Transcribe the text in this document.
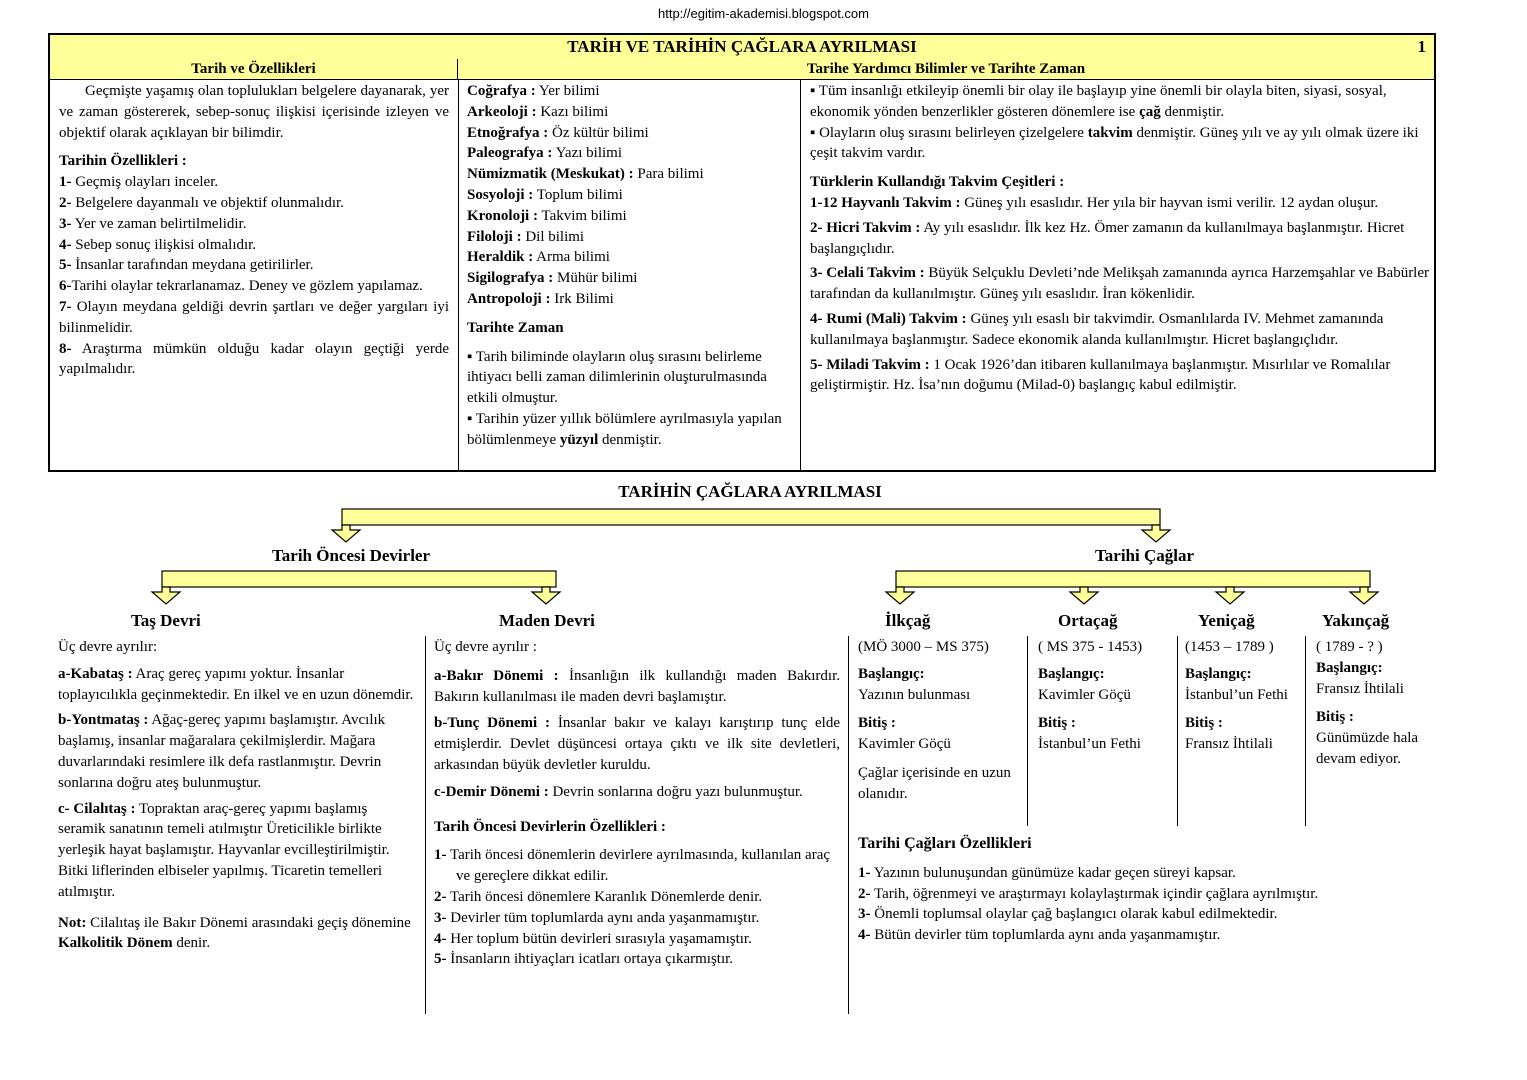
http://egitim-akademisi.blogspot.com
TARİH VE TARİHİN ÇAĞLARA AYRILMASI	1
Tarih ve Özellikleri	Tarihe Yardımcı Bilimler ve Tarihte Zaman

Geçmişte yaşamış olan toplulukları belgelere dayanarak, yer ve zaman göstererek, sebep-sonuç ilişkisi içerisinde izleyen ve objektif olarak açıklayan bir bilimdir.

Tarihin Özellikleri :

1- Geçmiş olayları inceler.

2- Belgelere dayanmalı ve objektif olunmalıdır.

3- Yer ve zaman belirtilmelidir.

4- Sebep sonuç ilişkisi olmalıdır.

5- İnsanlar tarafından meydana getirilirler.

6-Tarihi olaylar tekrarlanamaz. Deney ve gözlem yapılamaz.

7- Olayın meydana geldiği devrin şartları ve değer yargıları iyi bilinmelidir.

8- Araştırma mümkün olduğu kadar olayın geçtiği yerde yapılmalıdır.

Coğrafya : Yer bilimi

Arkeoloji : Kazı bilimi

Etnoğrafya : Öz kültür bilimi

Paleografya : Yazı bilimi

Nümizmatik (Meskukat) : Para bilimi

Sosyoloji : Toplum bilimi

Kronoloji : Takvim bilimi

Filoloji : Dil bilimi

Heraldik : Arma bilimi

Sigilografya : Mühür bilimi

Antropoloji : Irk Bilimi

Tarihte Zaman

▪ Tarih biliminde olayların oluş sırasını belirleme ihtiyacı belli zaman dilimlerinin oluşturulmasında etkili olmuştur.

▪ Tarihin yüzer yıllık bölümlere ayrılmasıyla yapılan bölümlenmeye yüzyıl denmiştir.

▪ Tüm insanlığı etkileyip önemli bir olay ile başlayıp yine önemli bir olayla biten, siyasi, sosyal, ekonomik yönden benzerlikler gösteren dönemlere ise çağ denmiştir.

▪ Olayların oluş sırasını belirleyen çizelgelere takvim denmiştir. Güneş yılı ve ay yılı olmak üzere iki çeşit takvim vardır.

Türklerin Kullandığı Takvim Çeşitleri :

1-12 Hayvanlı Takvim : Güneş yılı esaslıdır. Her yıla bir hayvan ismi verilir. 12 aydan oluşur.

2- Hicri Takvim : Ay yılı esaslıdır. İlk kez Hz. Ömer zamanın da kullanılmaya başlanmıştır. Hicret başlangıçlıdır.

3- Celali Takvim : Büyük Selçuklu Devleti’nde Melikşah zamanında ayrıca Harzemşahlar ve Babürler tarafından da kullanılmıştır. Güneş yılı esaslıdır. İran kökenlidir.

4- Rumi (Mali) Takvim : Güneş yılı esaslı bir takvimdir. Osmanlılarda IV. Mehmet zamanında kullanılmaya başlanmıştır. Sadece ekonomik alanda kullanılmıştır. Hicret başlangıçlıdır.

5- Miladi Takvim : 1 Ocak 1926’dan itibaren kullanılmaya başlanmıştır. Mısırlılar ve Romalılar geliştirmiştir. Hz. İsa’nın doğumu (Milad-0) başlangıç kabul edilmiştir.

TARİHİN ÇAĞLARA AYRILMASI
Tarih Öncesi Devirler	Tarihi Çağlar
Taş Devri	Maden Devri

Üç devre ayrılır:

a-Kabataş : Araç gereç yapımı yoktur. İnsanlar toplayıcılıkla geçinmektedir. En ilkel ve en uzun dönemdir.

b-Yontmataş : Ağaç-gereç yapımı başlamıştır. Avcılık başlamış, insanlar mağaralara çekilmişlerdir. Mağara duvarlarındaki resimlere ilk defa rastlanmıştır. Devrin sonlarına doğru ateş bulunmuştur.

c- Cilalıtaş : Topraktan araç-gereç yapımı başlamış seramik sanatının temeli atılmıştır Üreticilikle birlikte yerleşik hayat başlamıştır. Hayvanlar evcilleştirilmiştir. Bitki liflerinden elbiseler yapılmış. Ticaretin temelleri atılmıştır.

Not: Cilalıtaş ile Bakır Dönemi arasındaki geçiş dönemine Kalkolitik Dönem denir.

Üç devre ayrılır :

a-Bakır Dönemi : İnsanlığın ilk kullandığı maden Bakırdır. Bakırın kullanılması ile maden devri başlamıştır.

b-Tunç Dönemi : İnsanlar bakır ve kalayı karıştırıp tunç elde etmişlerdir. Devlet düşüncesi ortaya çıktı ve ilk site devletleri, arkasından büyük devletler kuruldu.

c-Demir Dönemi : Devrin sonlarına doğru yazı bulunmuştur.

Tarih Öncesi Devirlerin Özellikleri :

1- Tarih öncesi dönemlerin devirlere ayrılmasında, kullanılan araç ve gereçlere dikkat edilir.

2- Tarih öncesi dönemlere Karanlık Dönemlerde denir.

3- Devirler tüm toplumlarda aynı anda yaşanmamıştır.

4- Her toplum bütün devirleri sırasıyla yaşamamıştır.

5- İnsanların ihtiyaçları icatları ortaya çıkarmıştır.

İlkçağ

(MÖ 3000 – MS 375)

Başlangıç:

Yazının bulunması

Bitiş :

Kavimler Göçü

Çağlar içerisinde en uzun olanıdır.

Ortaçağ

( MS 375 - 1453)

Başlangıç:

Kavimler Göçü

Bitiş :

İstanbul’un Fethi

Yeniçağ

(1453 – 1789 )

Başlangıç:

İstanbul’un Fethi

Bitiş :

Fransız İhtilali

Yakınçağ

( 1789 - ? )

Başlangıç:

Fransız İhtilali

Bitiş :

Günümüzde hala devam ediyor.

Tarihi Çağları Özellikleri

1- Yazının bulunuşundan günümüze kadar geçen süreyi kapsar.

2- Tarih, öğrenmeyi ve araştırmayı kolaylaştırmak içindir çağlara ayrılmıştır.

3- Önemli toplumsal olaylar çağ başlangıcı olarak kabul edilmektedir.

4- Bütün devirler tüm toplumlarda aynı anda yaşanmamıştır.
